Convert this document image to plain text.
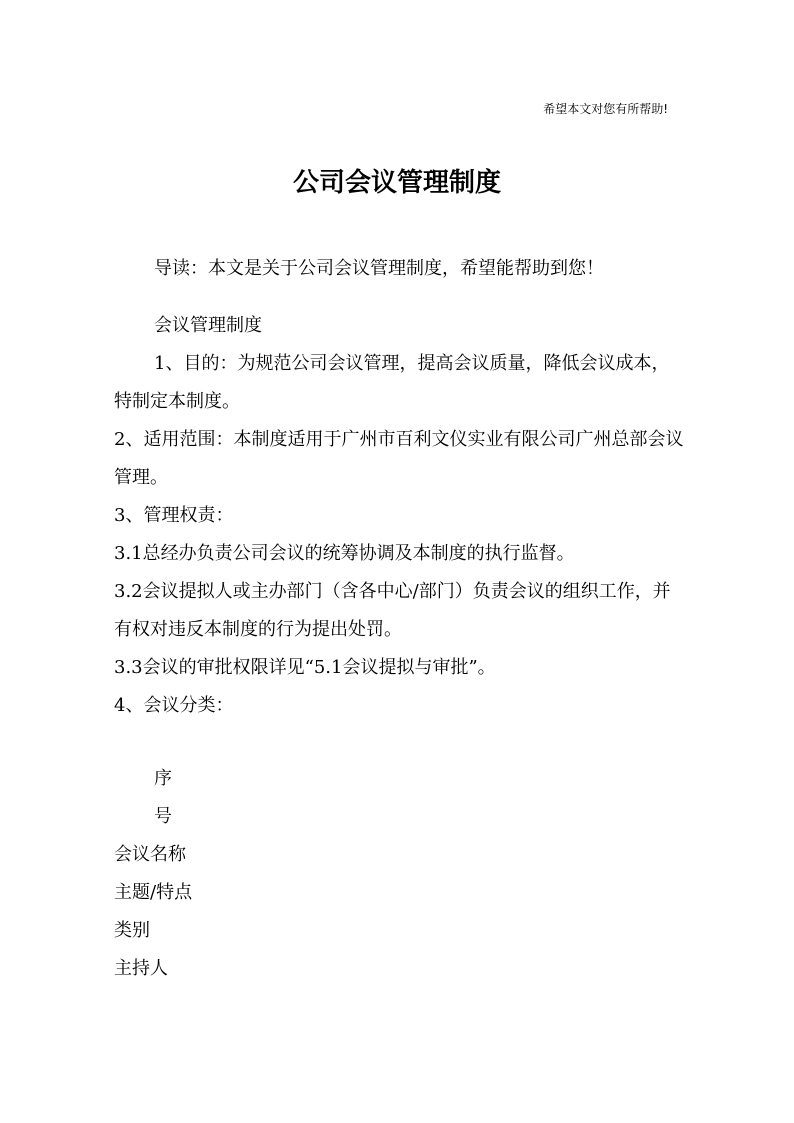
希望本文对您有所帮助!
公司会议管理制度

导读：本文是关于公司会议管理制度，希望能帮助到您！

会议管理制度

1、目的：为规范公司会议管理，提高会议质量，降低会议成本，特制定本制度。

2、适用范围：本制度适用于广州市百利文仪实业有限公司广州总部会议管理。

3、管理权责：

3.1总经办负责公司会议的统筹协调及本制度的执行监督。

3.2会议提拟人或主办部门（含各中心/部门）负责会议的组织工作，并有权对违反本制度的行为提出处罚。

3.3会议的审批权限详见“5.1会议提拟与审批”。

4、会议分类：

序
号
会议名称
主题/特点
类别
主持人
